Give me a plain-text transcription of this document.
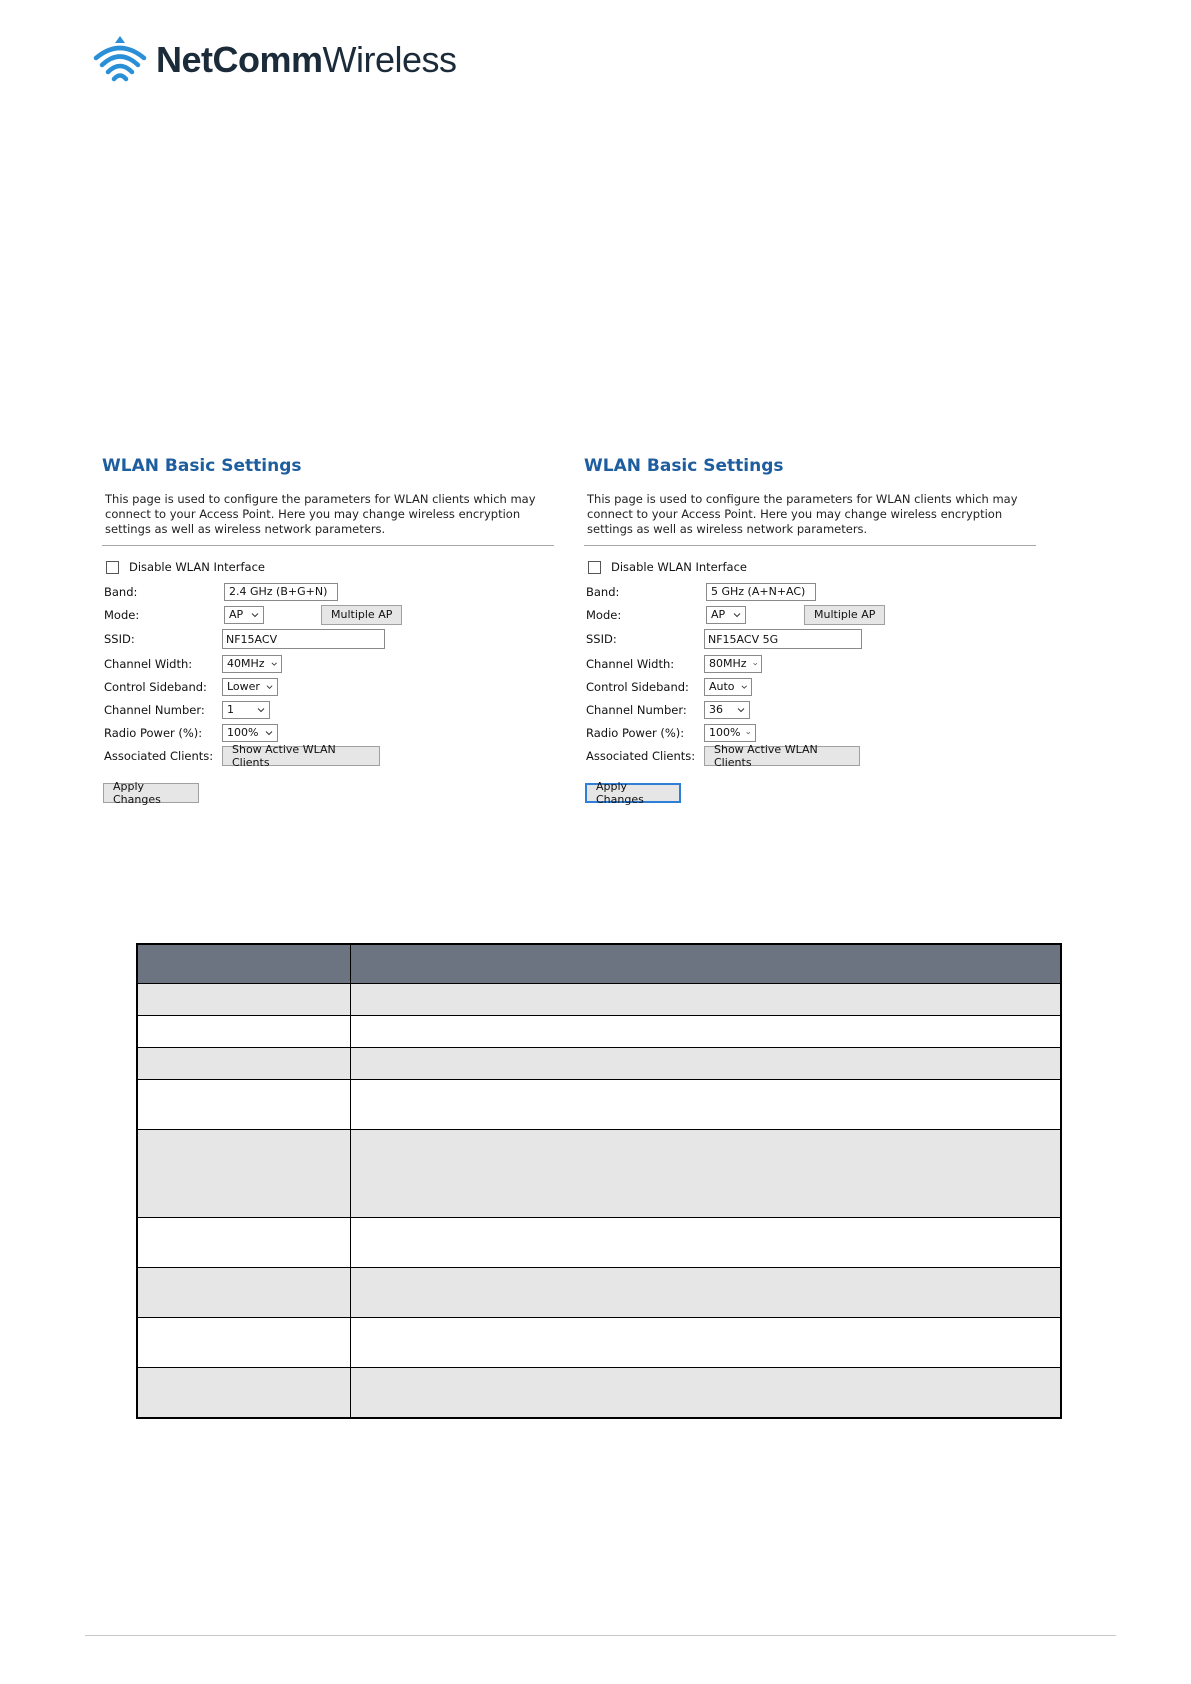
NetCommWireless
WLAN Basic Settings
This page is used to configure the parameters for WLAN clients which may connect to your Access Point. Here you may change wireless encryption settings as well as wireless network parameters.
Disable WLAN Interface
Band:	2.4 GHz (B+G+N)
Mode:	AP	Multiple AP
SSID:	NF15ACV
Channel Width:	40MHz
Control Sideband:	Lower
Channel Number:	1
Radio Power (%):	100%
Associated Clients:	Show Active WLAN Clients
Apply Changes
WLAN Basic Settings
This page is used to configure the parameters for WLAN clients which may connect to your Access Point. Here you may change wireless encryption settings as well as wireless network parameters.
Disable WLAN Interface
Band:	5 GHz (A+N+AC)
Mode:	AP	Multiple AP
SSID:	NF15ACV 5G
Channel Width:	80MHz
Control Sideband:	Auto
Channel Number:	36
Radio Power (%):	100%
Associated Clients:	Show Active WLAN Clients
Apply Changes
